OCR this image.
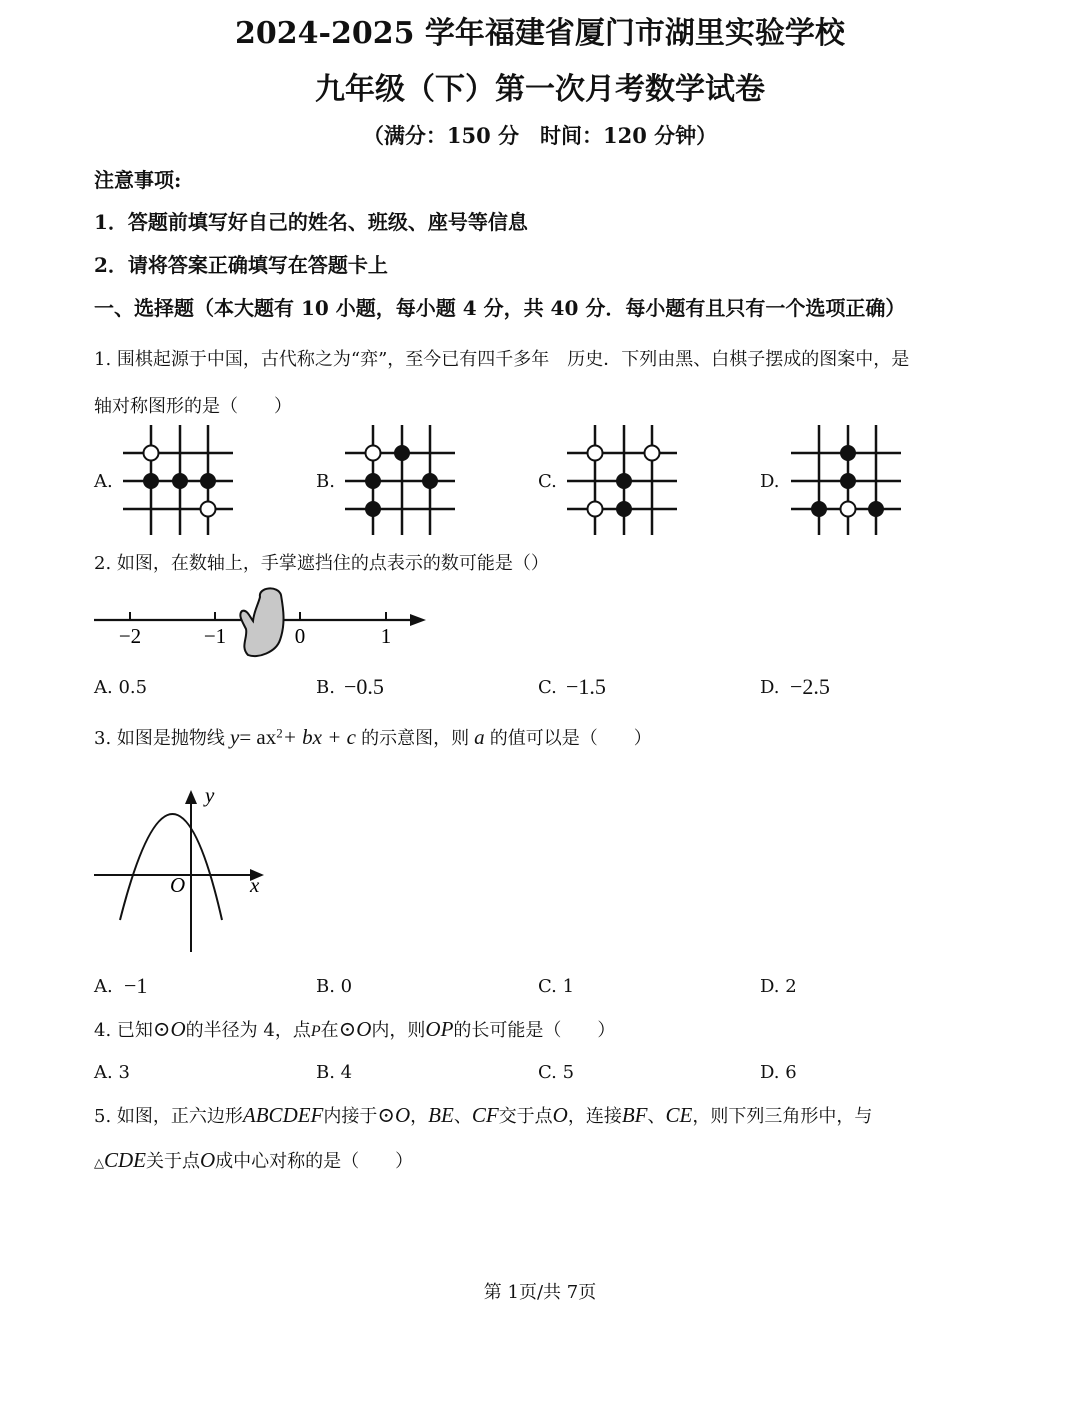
2024-2025 学年福建省厦门市湖里实验学校
九年级（下）第一次月考数学试卷
（满分：150 分　时间：120 分钟）
注意事项:
1．答题前填写好自己的姓名、班级、座号等信息
2．请将答案正确填写在答题卡上
一、选择题（本大题有 10 小题，每小题 4 分，共 40 分．每小题有且只有一个选项正确）
1. 围棋起源于中国，古代称之为“弈”，至今已有四千多年　历史．下列由黑、白棋子摆成的图案中，是
轴对称图形的是（　　）
A.	B.	C.	D.
2. 如图，在数轴上，手掌遮挡住的点表示的数可能是（）
−2	−1	0	1
A. 0.5	B. −0.5	C. −1.5	D. −2.5
3. 如图是抛物线 $y= ax^2+$ bx + c 的示意图，则 a 的值可以是（　　）
y
x
O
A. −1	B. 0	C. 1	D. 2
4. 已知⊙O的半径为 4，点P在⊙O内，则OP的长可能是（　　）
A. 3	B. 4	C. 5	D. 6
5. 如图，正六边形ABCDEF内接于⊙O，BE、CF交于点O，连接BF、CE，则下列三角形中，与
△CDE关于点O成中心对称的是（　　）
第 1页/共 7页
